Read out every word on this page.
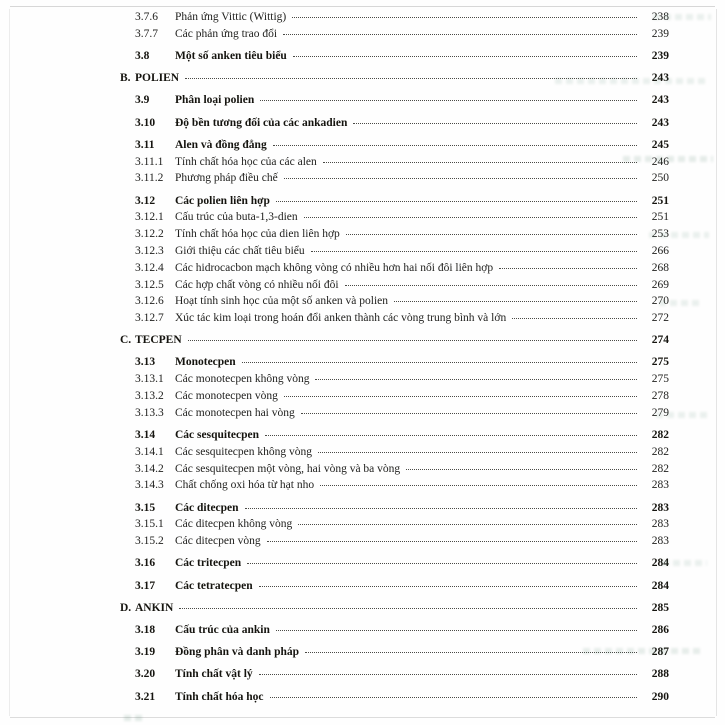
3.7.6	Phản ứng Vittic (Wittig)	238
3.7.7	Các phản ứng trao đổi	239
3.8	Một số anken tiêu biểu	239
B. POLIEN	243
3.9	Phân loại polien	243
3.10	Độ bền tương đối của các ankadien	243
3.11	Alen và đồng đẳng	245
3.11.1	Tính chất hóa học của các alen	246
3.11.2	Phương pháp điều chế	250
3.12	Các polien liên hợp	251
3.12.1 Cấu trúc của buta-1,3-dien	251
3.12.2 Tính chất hóa học của dien liên hợp	253
3.12.3 Giới thiệu các chất tiêu biểu	266
3.12.4 Các hidrocacbon mạch không vòng có nhiều hơn hai nối đôi liên hợp	268
3.12.5 Các hợp chất vòng có nhiều nối đôi	269
3.12.6 Hoạt tính sinh học của một số anken và polien	270
3.12.7 Xúc tác kim loại trong hoán đổi anken thành các vòng trung bình và lớn	272
C. TECPEN	274
3.13	Monotecpen	275
3.13.1 Các monotecpen không vòng	275
3.13.2 Các monotecpen vòng	278
3.13.3 Các monotecpen hai vòng	279
3.14	Các sesquitecpen	282
3.14.1 Các sesquitecpen không vòng	282
3.14.2 Các sesquitecpen một vòng, hai vòng và ba vòng	282
3.14.3 Chất chống oxi hóa từ hạt nho	283
3.15	Các ditecpen	283
3.15.1 Các ditecpen không vòng	283
3.15.2 Các ditecpen vòng	283
3.16	Các tritecpen	284
3.17	Các tetratecpen	284
D. ANKIN	285
3.18	Cấu trúc của ankin	286
3.19	Đồng phân và danh pháp	287
3.20	Tính chất vật lý	288
3.21	Tính chất hóa học	290
